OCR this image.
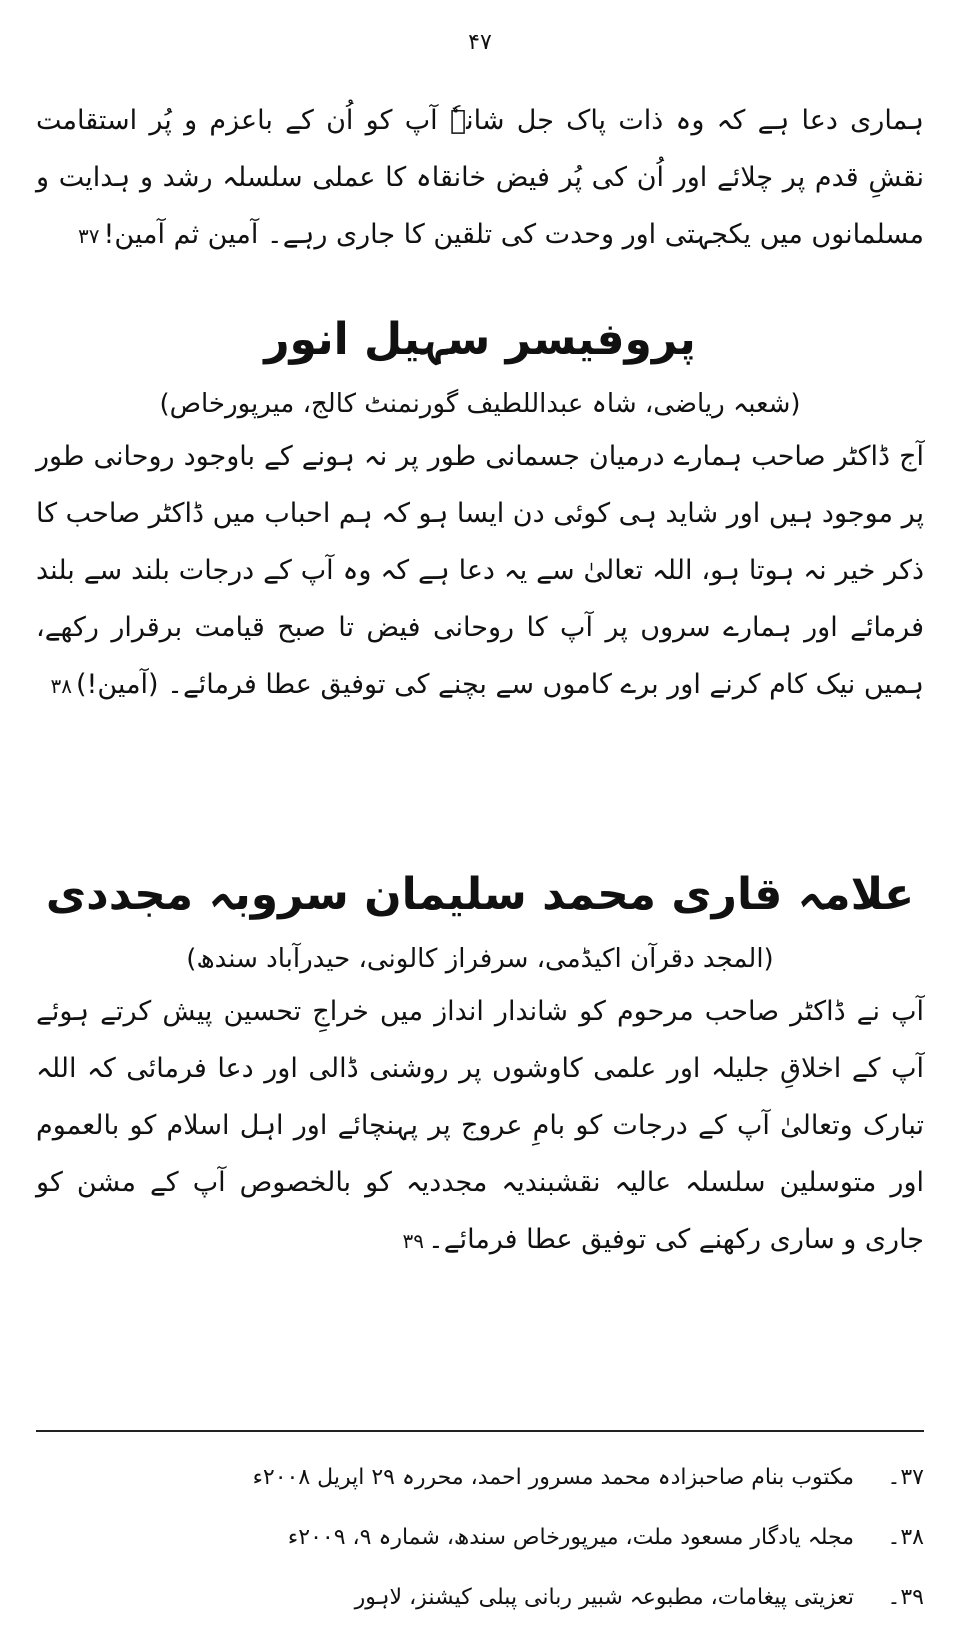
۴۷

ہماری دعا ہے کہ وہ ذات پاک جل شانہٗ آپ کو اُن کے باعزم و پُر استقامت نقشِ قدم پر چلائے اور اُن کی پُر فیض خانقاہ کا عملی سلسلہ رشد و ہدایت و مسلمانوں میں یکجہتی اور وحدت کی تلقین کا جاری رہے۔ آمین ثم آمین!۳۷

پروفیسر سہیل انور
(شعبہ ریاضی، شاہ عبداللطیف گورنمنٹ کالج، میرپورخاص)

آج ڈاکٹر صاحب ہمارے درمیان جسمانی طور پر نہ ہونے کے باوجود روحانی طور پر موجود ہیں اور شاید ہی کوئی دن ایسا ہو کہ ہم احباب میں ڈاکٹر صاحب کا ذکر خیر نہ ہوتا ہو، اللہ تعالیٰ سے یہ دعا ہے کہ وہ آپ کے درجات بلند سے بلند فرمائے اور ہمارے سروں پر آپ کا روحانی فیض تا صبح قیامت برقرار رکھے، ہمیں نیک کام کرنے اور برے کاموں سے بچنے کی توفیق عطا فرمائے۔ (آمین!)۳۸

علامہ قاری محمد سلیمان سروبہ مجددی
(المجد دقرآن اکیڈمی، سرفراز کالونی، حیدرآباد سندھ)

آپ نے ڈاکٹر صاحب مرحوم کو شاندار انداز میں خراجِ تحسین پیش کرتے ہوئے آپ کے اخلاقِ جلیلہ اور علمی کاوشوں پر روشنی ڈالی اور دعا فرمائی کہ اللہ تبارک وتعالیٰ آپ کے درجات کو بامِ عروج پر پہنچائے اور اہل اسلام کو بالعموم اور متوسلین سلسلہ عالیہ نقشبندیہ مجددیہ کو بالخصوص آپ کے مشن کو جاری و ساری رکھنے کی توفیق عطا فرمائے۔۳۹

۳۷۔
مکتوب بنام صاحبزادہ محمد مسرور احمد، محررہ ۲۹ اپریل ۲۰۰۸ء
۳۸۔
مجلہ یادگار مسعود ملت، میرپورخاص سندھ، شمارہ ۹، ۲۰۰۹ء
۳۹۔
تعزیتی پیغامات، مطبوعہ شبیر ربانی پبلی کیشنز، لاہور
